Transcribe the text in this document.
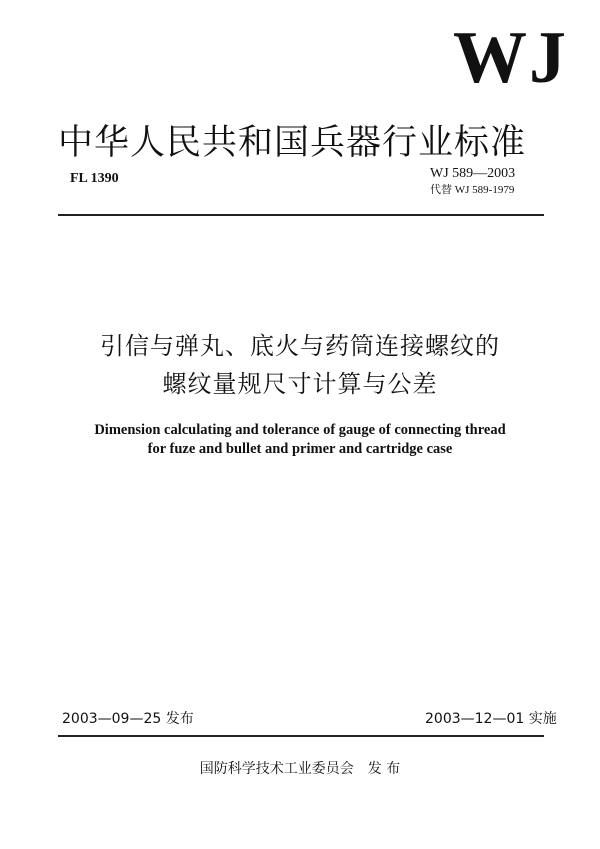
WJ
中华人民共和国兵器行业标准
FL 1390	WJ 589—2003
代替 WJ 589-1979
引信与弹丸、底火与药筒连接螺纹的
螺纹量规尺寸计算与公差
Dimension calculating and tolerance of gauge of connecting thread
for fuze and bullet and primer and cartridge case
2003—09—25 发布	2003—12—01 实施
国防科学技术工业委员会 发 布
